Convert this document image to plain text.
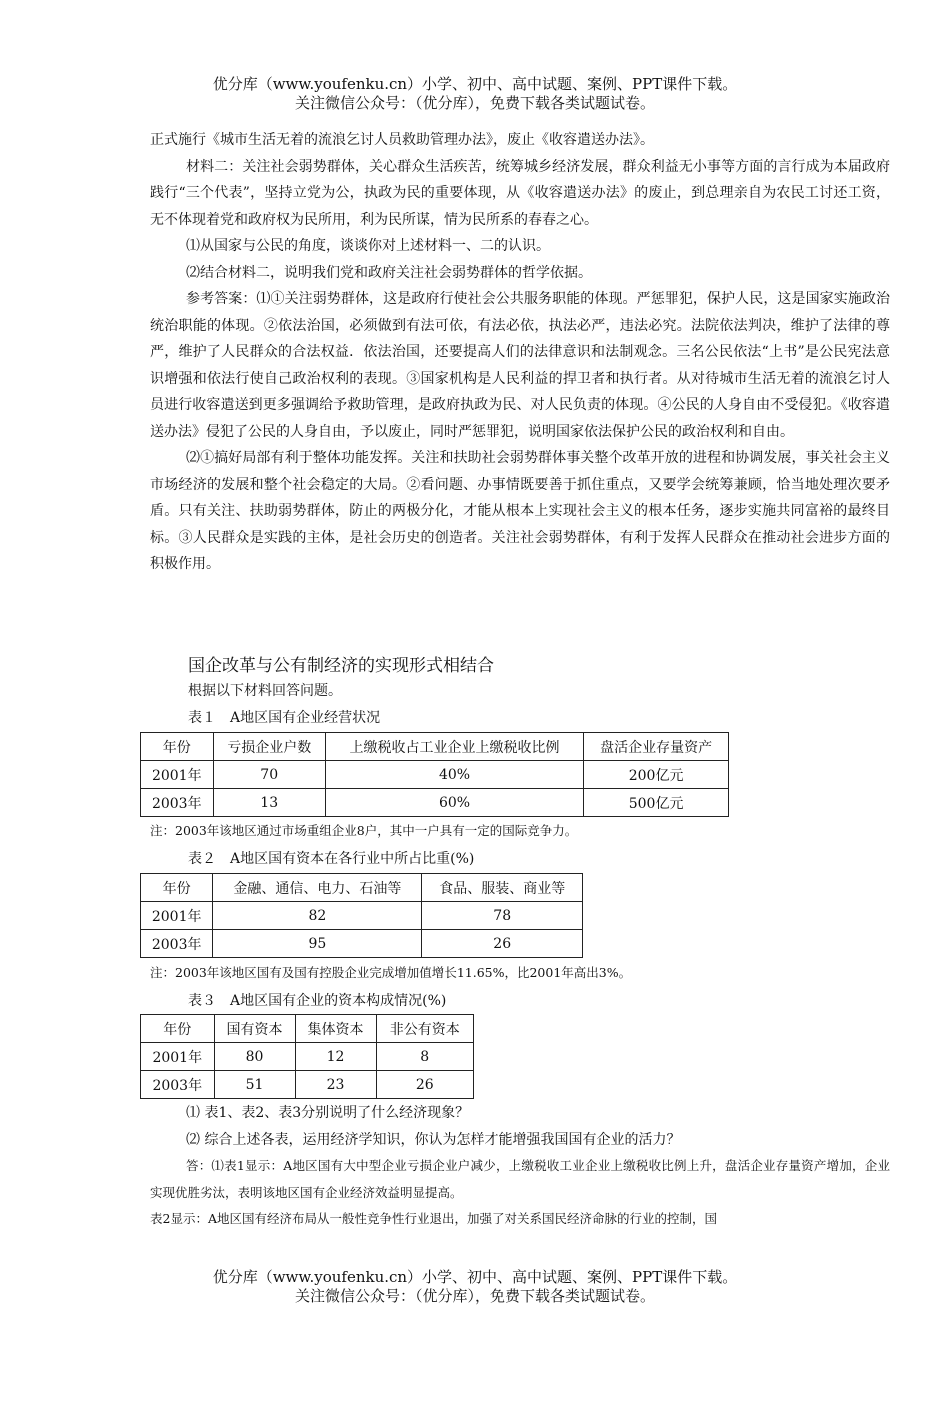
优分库（www.youfenku.cn）小学、初中、高中试题、案例、PPT课件下载。

关注微信公众号：（优分库），免费下载各类试题试卷。

正式施行《城市生活无着的流浪乞讨人员救助管理办法》，废止《收容遣送办法》。
材料二：关注社会弱势群体，关心群众生活疾苦，统筹城乡经济发展，群众利益无小事等方面的言行成为本届政府践行“三个代表”，坚持立党为公，执政为民的重要体现，从《收容遣送办法》的废止，到总理亲自为农民工讨还工资，无不体现着党和政府权为民所用，利为民所谋，情为民所系的春春之心。
⑴从国家与公民的角度，谈谈你对上述材料一、二的认识。
⑵结合材料二，说明我们党和政府关注社会弱势群体的哲学依据。
参考答案：⑴①关注弱势群体，这是政府行使社会公共服务职能的体现。严惩罪犯，保护人民，这是国家实施政治统治职能的体现。②依法治国，必须做到有法可依，有法必依，执法必严，违法必究。法院依法判决，维护了法律的尊严，维护了人民群众的合法权益．依法治国，还要提高人们的法律意识和法制观念。三名公民依法“上书”是公民宪法意识增强和依法行使自己政治权利的表现。③国家机构是人民利益的捍卫者和执行者。从对待城市生活无着的流浪乞讨人员进行收容遣送到更多强调给予救助管理，是政府执政为民、对人民负责的体现。④公民的人身自由不受侵犯。《收容遣送办法》侵犯了公民的人身自由，予以废止，同时严惩罪犯，说明国家依法保护公民的政治权利和自由。
⑵①搞好局部有利于整体功能发挥。关注和扶助社会弱势群体事关整个改革开放的进程和协调发展，事关社会主义市场经济的发展和整个社会稳定的大局。②看问题、办事情既要善于抓住重点，又要学会统筹兼顾，恰当地处理次要矛盾。只有关注、扶助弱势群体，防止的两极分化，才能从根本上实现社会主义的根本任务，逐步实施共同富裕的最终目标。③人民群众是实践的主体，是社会历史的创造者。关注社会弱势群体，有利于发挥人民群众在推动社会进步方面的积极作用。
国企改革与公有制经济的实现形式相结合
根据以下材料回答问题。
表１　A地区国有企业经营状况
年份	亏损企业户数	上缴税收占工业企业上缴税收比例	盘活企业存量资产
2001年	70	40%	200亿元
2003年	13	60%	500亿元
注：2003年该地区通过市场重组企业8户，其中一户具有一定的国际竞争力。
表２　A地区国有资本在各行业中所占比重(%)
年份	金融、通信、电力、石油等	食品、服装、商业等
2001年	82	78
2003年	95	26
注：2003年该地区国有及国有控股企业完成增加值增长11.65%，比2001年高出3%。
表３　A地区国有企业的资本构成情况(%)
年份	国有资本	集体资本	非公有资本
2001年	80	12	8
2003年	51	23	26
⑴ 表1、表2、表3分别说明了什么经济现象？
⑵ 综合上述各表，运用经济学知识，你认为怎样才能增强我国国有企业的活力？
答：⑴表1显示：A地区国有大中型企业亏损企业户减少，上缴税收工业企业上缴税收比例上升，盘活企业存量资产增加，企业实现优胜劣汰，表明该地区国有企业经济效益明显提高。
表2显示：A地区国有经济布局从一般性竞争性行业退出，加强了对关系国民经济命脉的行业的控制，国

优分库（www.youfenku.cn）小学、初中、高中试题、案例、PPT课件下载。

关注微信公众号：（优分库），免费下载各类试题试卷。
